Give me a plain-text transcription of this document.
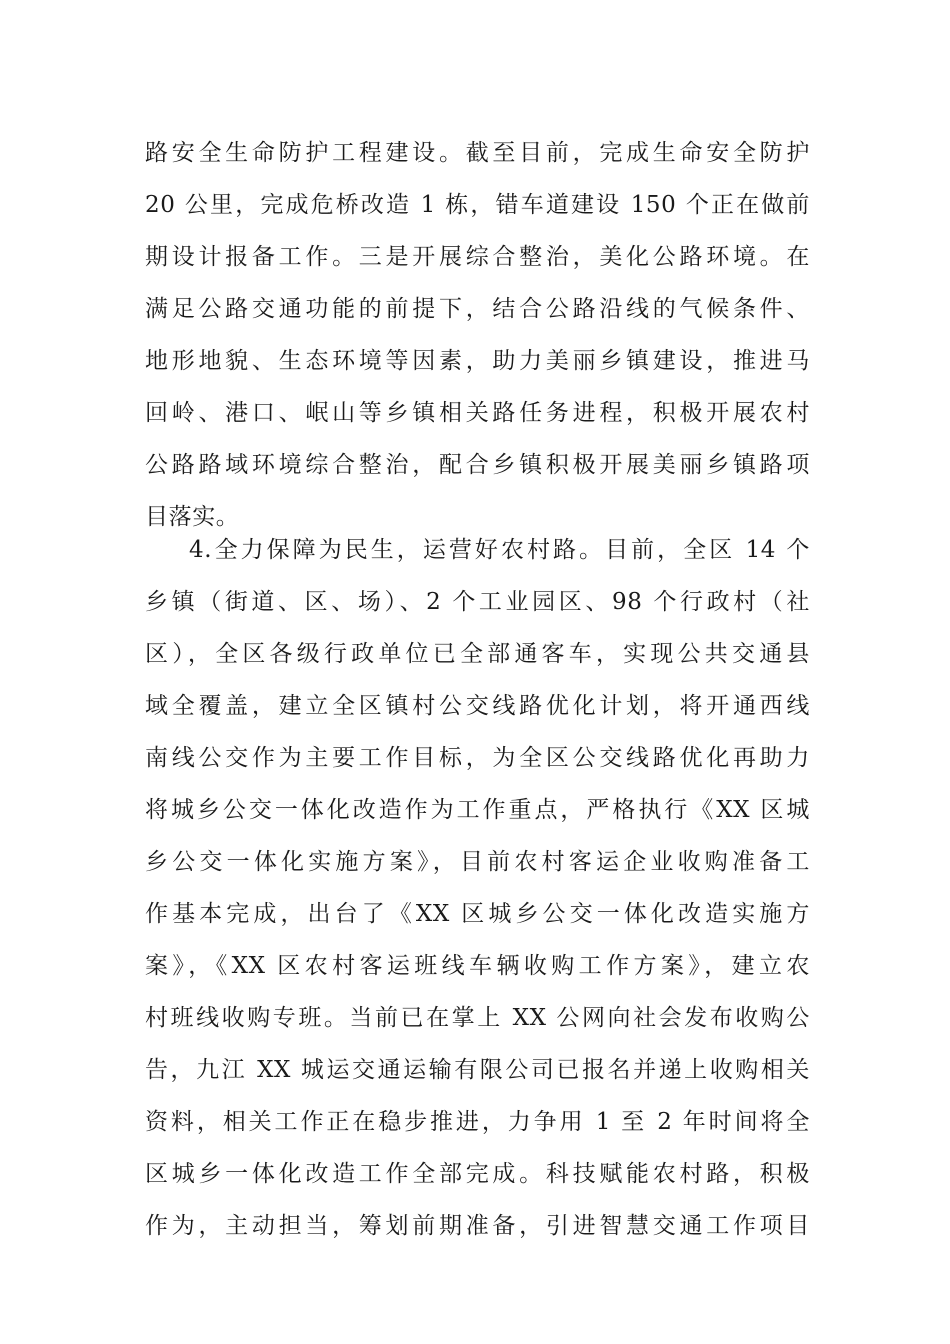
路安全生命防护工程建设。截至目前，完成生命安全防护
20 公里，完成危桥改造 1 栋，错车道建设 150 个正在做前
期设计报备工作。三是开展综合整治，美化公路环境。在
满足公路交通功能的前提下，结合公路沿线的气候条件、
地形地貌、生态环境等因素，助力美丽乡镇建设，推进马
回岭、港口、岷山等乡镇相关路任务进程，积极开展农村
公路路域环境综合整治，配合乡镇积极开展美丽乡镇路项
目落实。
4.全力保障为民生，运营好农村路。目前，全区 14 个
乡镇（街道、区、场）、2 个工业园区、98 个行政村（社
区），全区各级行政单位已全部通客车，实现公共交通县
域全覆盖，建立全区镇村公交线路优化计划，将开通西线
南线公交作为主要工作目标，为全区公交线路优化再助力
将城乡公交一体化改造作为工作重点，严格执行《XX 区城
乡公交一体化实施方案》，目前农村客运企业收购准备工
作基本完成，出台了《XX 区城乡公交一体化改造实施方
案》，《XX 区农村客运班线车辆收购工作方案》，建立农
村班线收购专班。当前已在掌上 XX 公网向社会发布收购公
告，九江 XX 城运交通运输有限公司已报名并递上收购相关
资料，相关工作正在稳步推进，力争用 1 至 2 年时间将全
区城乡一体化改造工作全部完成。科技赋能农村路，积极
作为，主动担当，筹划前期准备，引进智慧交通工作项目
